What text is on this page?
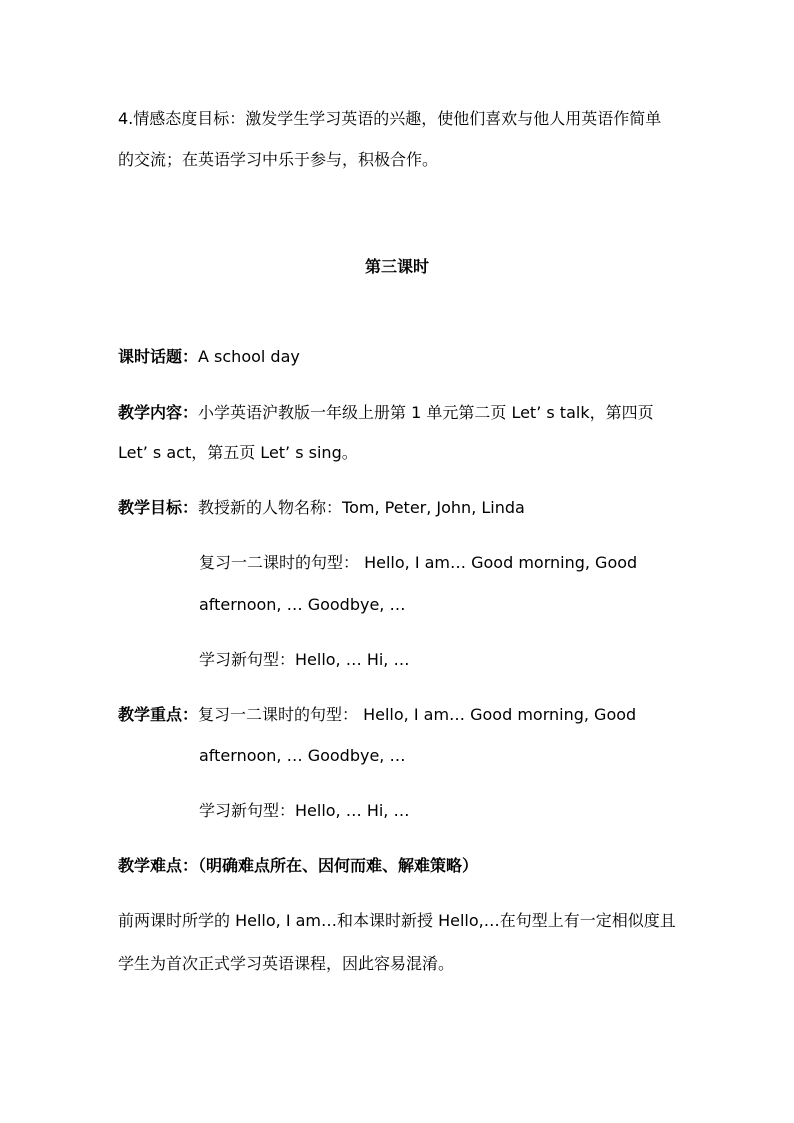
4.情感态度目标：激发学生学习英语的兴趣，使他们喜欢与他人用英语作简单
的交流；在英语学习中乐于参与，积极合作。
第三课时
课时话题：A school day
教学内容：小学英语沪教版一年级上册第 1 单元第二页 Let’ s talk，第四页
Let’ s act，第五页 Let’ s sing。
教学目标：教授新的人物名称：Tom, Peter, John, Linda
复习一二课时的句型： Hello, I am… Good morning, Good
afternoon, … Goodbye, …
学习新句型：Hello, … Hi, …
教学重点：复习一二课时的句型： Hello, I am… Good morning, Good
afternoon, … Goodbye, …
学习新句型：Hello, … Hi, …
教学难点：（明确难点所在、因何而难、解难策略）
前两课时所学的 Hello, I am…和本课时新授 Hello,…在句型上有一定相似度且
学生为首次正式学习英语课程，因此容易混淆。
